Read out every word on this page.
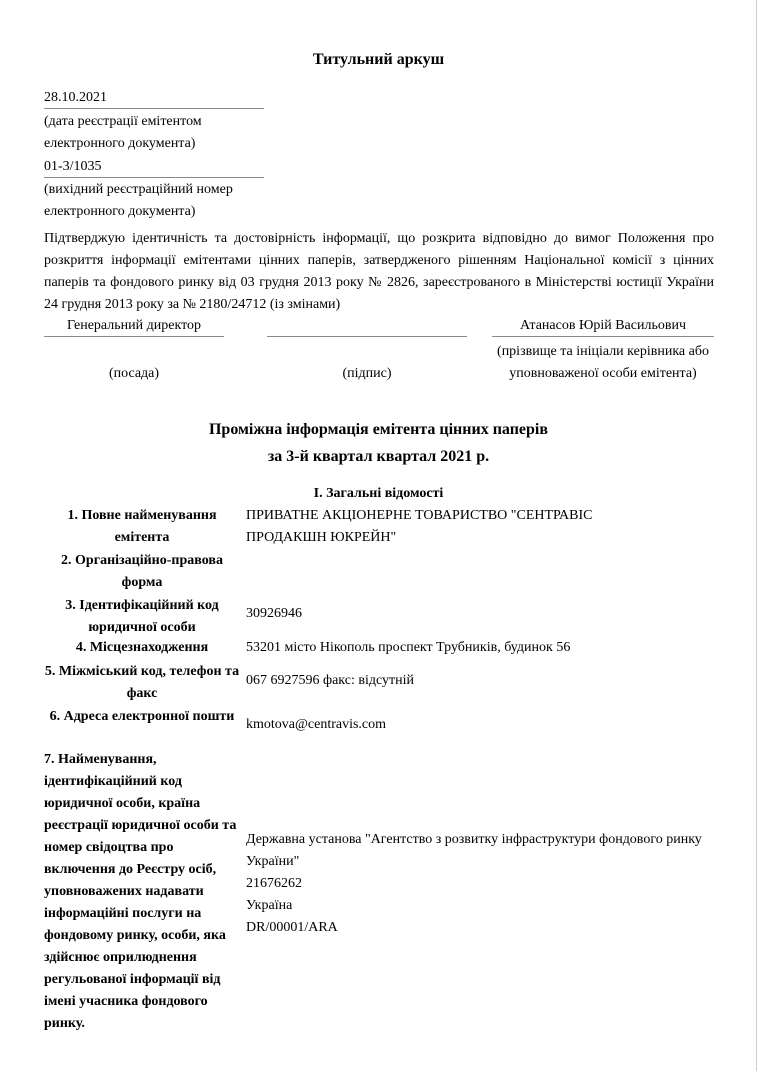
Титульний аркуш
28.10.2021
(дата реєстрації емітентом електронного документа)
01-3/1035
(вихідний реєстраційний номер електронного документа)
Підтверджую ідентичність та достовірність інформації, що розкрита відповідно до вимог Положення про розкриття інформації емітентами цінних паперів, затвердженого рішенням Національної комісії з цінних паперів та фондового ринку від 03 грудня 2013 року № 2826, зареєстрованого в Міністерстві юстиції України 24 грудня 2013 року за № 2180/24712 (із змінами)
Генеральний директор
(посада)	(підпис)
Атанасов Юрій Васильович
(прізвище та ініціали керівника або уповноваженої особи емітента)
Проміжна інформація емітента цінних паперів
за 3-й квартал квартал 2021 р.
I. Загальні відомості
1. Повне найменування емітента
ПРИВАТНЕ АКЦІОНЕРНЕ ТОВАРИСТВО "СЕНТРАВІС ПРОДАКШН ЮКРЕЙН"
2. Організаційно-правова форма
3. Ідентифікаційний код юридичної особи
30926946
4. Місцезнаходження	53201 місто Нікополь проспект Трубників, будинок 56
5. Міжміський код, телефон та факс
067 6927596 факс: відсутній
6. Адреса електронної пошти
kmotova@centravis.com
7. Найменування, ідентифікаційний код юридичної особи, країна реєстрації юридичної особи та номер свідоцтва про включення до Реєстру осіб, уповноважених надавати інформаційні послуги на фондовому ринку, особи, яка здійснює оприлюднення регульованої інформації від імені учасника фондового ринку.
Державна установа "Агентство з розвитку інфраструктури фондового ринку України"
21676262
Україна
DR/00001/ARA
